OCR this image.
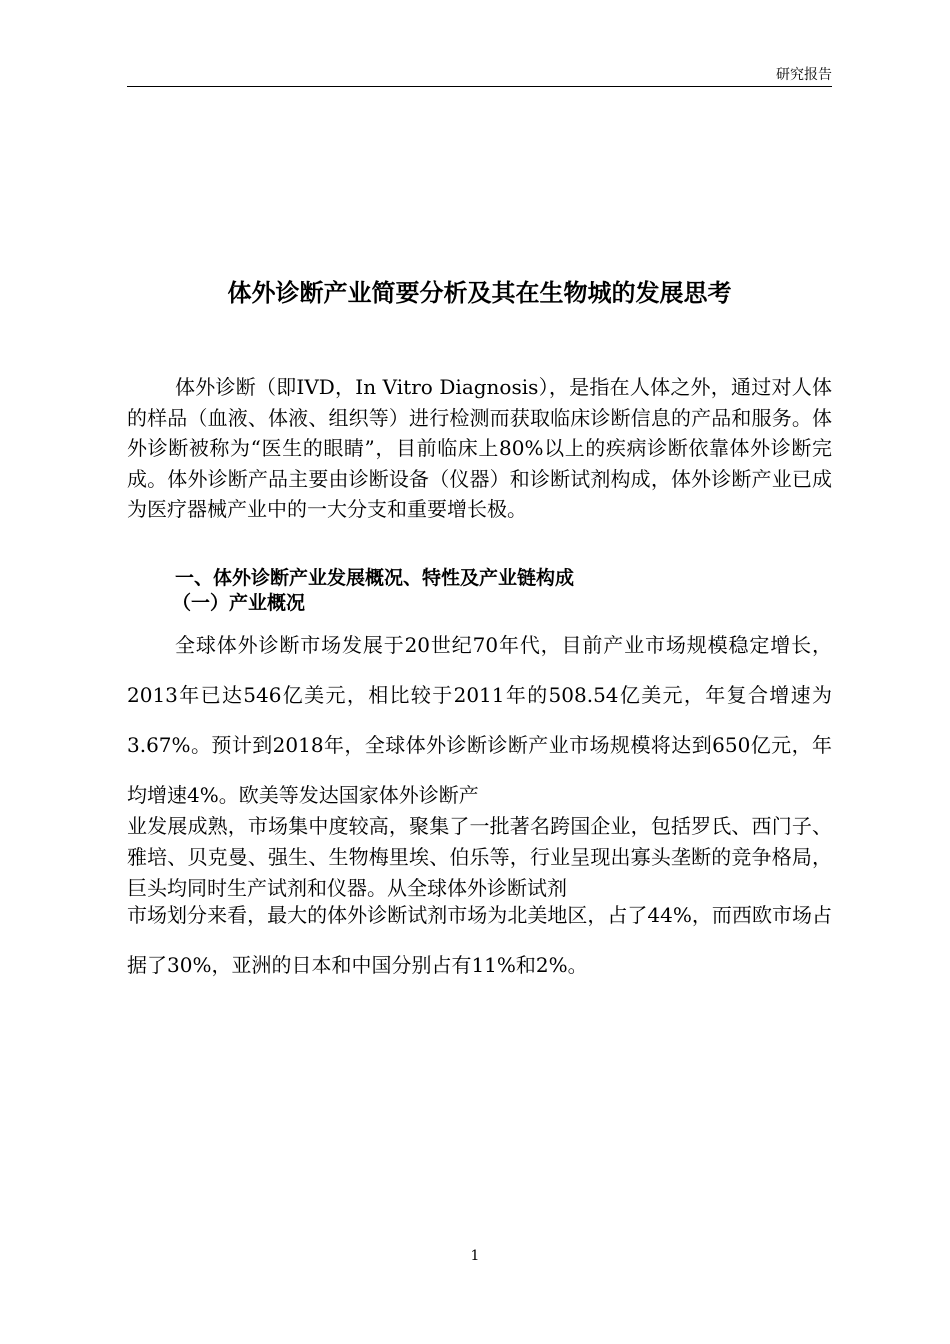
研究报告
体外诊断产业简要分析及其在生物城的发展思考

体外诊断（即IVD，In Vitro Diagnosis），是指在人体之外，通过对人体的样品（血液、体液、组织等）进行检测而获取临床诊断信息的产品和服务。体外诊断被称为“医生的眼睛”，目前临床上80%以上的疾病诊断依靠体外诊断完成。体外诊断产品主要由诊断设备（仪器）和诊断试剂构成，体外诊断产业已成为医疗器械产业中的一大分支和重要增长极。

一、体外诊断产业发展概况、特性及产业链构成
（一）产业概况

全球体外诊断市场发展于20世纪70年代，目前产业市场规模稳定增长，2013年已达546亿美元，相比较于2011年的508.54亿美元，年复合增速为3.67%。预计到2018年，全球体外诊断诊断产业市场规模将达到650亿元，年均增速4%。欧美等发达国家体外诊断产

业发展成熟，市场集中度较高，聚集了一批著名跨国企业，包括罗氏、西门子、雅培、贝克曼、强生、生物梅里埃、伯乐等，行业呈现出寡头垄断的竞争格局，巨头均同时生产试剂和仪器。从全球体外诊断试剂

市场划分来看，最大的体外诊断试剂市场为北美地区，占了44%，而西欧市场占据了30%，亚洲的日本和中国分别占有11%和2%。

1
